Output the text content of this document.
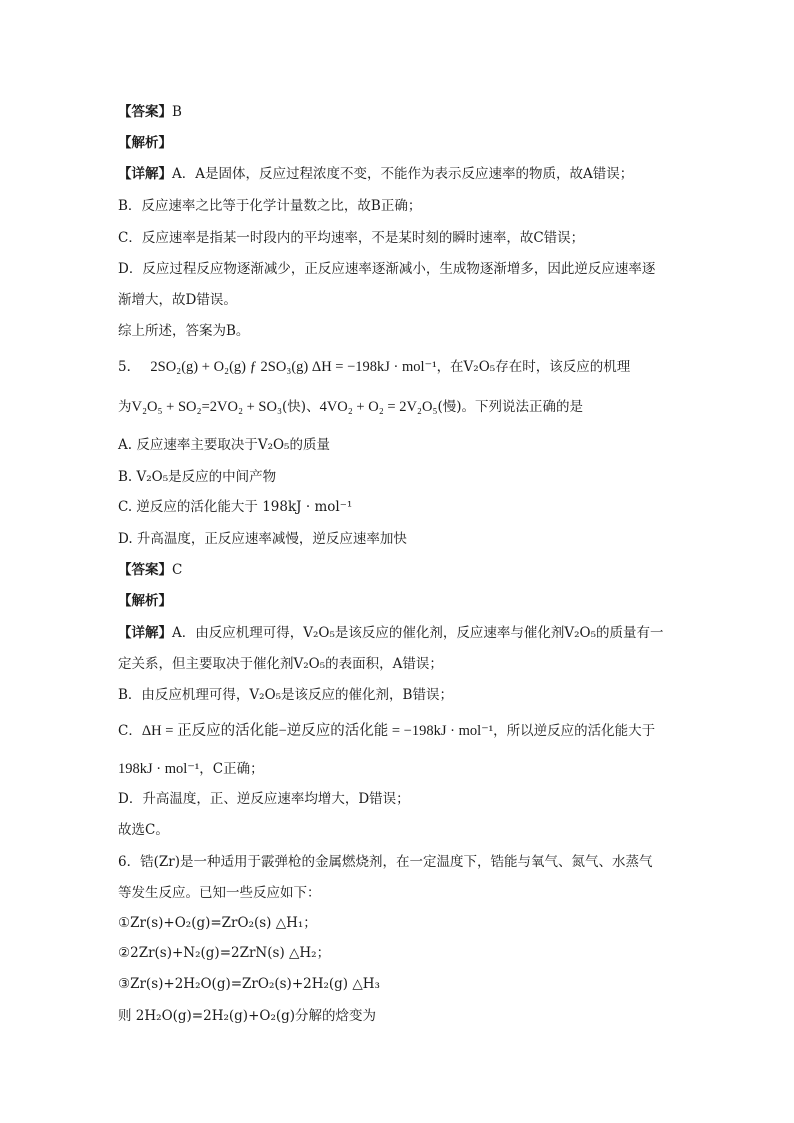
【答案】B
【解析】
【详解】A．A是固体，反应过程浓度不变，不能作为表示反应速率的物质，故A错误；
B．反应速率之比等于化学计量数之比，故B正确；
C．反应速率是指某一时段内的平均速率，不是某时刻的瞬时速率，故C错误；
D．反应过程反应物逐渐减少，正反应速率逐渐减小，生成物逐渐增多，因此逆反应速率逐
渐增大，故D错误。
综上所述，答案为B。
5． 2SO₂(g) + O₂(g) ƒ 2SO₃(g) ΔH = −198kJ · mol⁻¹，在V₂O₅存在时，该反应的机理
为V₂O₅ + SO₂=2VO₂ + SO₃(快)、4VO₂ + O₂ = 2V₂O₅(慢)。下列说法正确的是
A. 反应速率主要取决于V₂O₅的质量
B. V₂O₅是反应的中间产物
C. 逆反应的活化能大于 198kJ · mol⁻¹
D. 升高温度，正反应速率减慢，逆反应速率加快
【答案】C
【解析】
【详解】A．由反应机理可得，V₂O₅是该反应的催化剂，反应速率与催化剂V₂O₅的质量有一
定关系，但主要取决于催化剂V₂O₅的表面积，A错误；
B．由反应机理可得，V₂O₅是该反应的催化剂，B错误；
C．ΔH = 正反应的活化能−逆反应的活化能 = −198kJ · mol⁻¹，所以逆反应的活化能大于
198kJ · mol⁻¹，C正确；
D．升高温度，正、逆反应速率均增大，D错误；
故选C。
6．锆(Zr)是一种适用于霰弹枪的金属燃烧剂，在一定温度下，锆能与氧气、氮气、水蒸气
等发生反应。已知一些反应如下：
①Zr(s)+O₂(g)=ZrO₂(s) △H₁；
②2Zr(s)+N₂(g)=2ZrN(s) △H₂；
③Zr(s)+2H₂O(g)=ZrO₂(s)+2H₂(g) △H₃
则 2H₂O(g)=2H₂(g)+O₂(g)分解的焓变为
